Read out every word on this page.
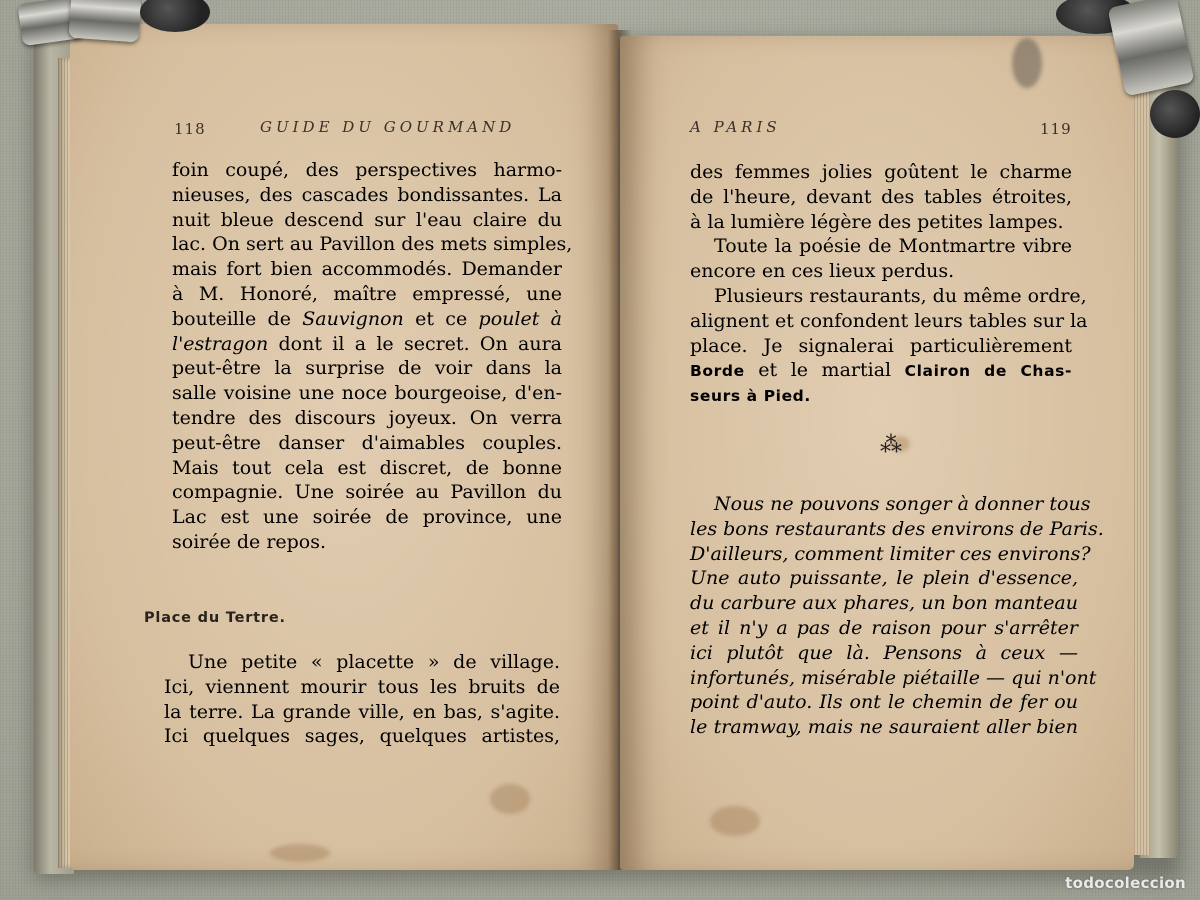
118	GUIDE DU GOURMAND
foin coupé, des perspectives harmo-
nieuses, des cascades bondissantes. La
nuit bleue descend sur l'eau claire du
lac. On sert au Pavillon des mets simples,
mais fort bien accommodés. Demander
à M. Honoré, maître empressé, une
bouteille de Sauvignon et ce poulet à
l'estragon dont il a le secret. On aura
peut-être la surprise de voir dans la
salle voisine une noce bourgeoise, d'en-
tendre des discours joyeux. On verra
peut-être danser d'aimables couples.
Mais tout cela est discret, de bonne
compagnie. Une soirée au Pavillon du
Lac est une soirée de province, une
soirée de repos.
Place du Tertre.
Une petite « placette » de village.
Ici, viennent mourir tous les bruits de
la terre. La grande ville, en bas, s'agite.
Ici quelques sages, quelques artistes,
A PARIS	119
des femmes jolies goûtent le charme
de l'heure, devant des tables étroites,
à la lumière légère des petites lampes.
Toute la poésie de Montmartre vibre
encore en ces lieux perdus.
Plusieurs restaurants, du même ordre,
alignent et confondent leurs tables sur la
place. Je signalerai particulièrement
Borde et le martial Clairon de Chas-
seurs à Pied.
⁂
Nous ne pouvons songer à donner tous
les bons restaurants des environs de Paris.
D'ailleurs, comment limiter ces environs?
Une auto puissante, le plein d'essence,
du carbure aux phares, un bon manteau
et il n'y a pas de raison pour s'arrêter
ici plutôt que là. Pensons à ceux —
infortunés, misérable piétaille — qui n'ont
point d'auto. Ils ont le chemin de fer ou
le tramway, mais ne sauraient aller bien
todocoleccion
